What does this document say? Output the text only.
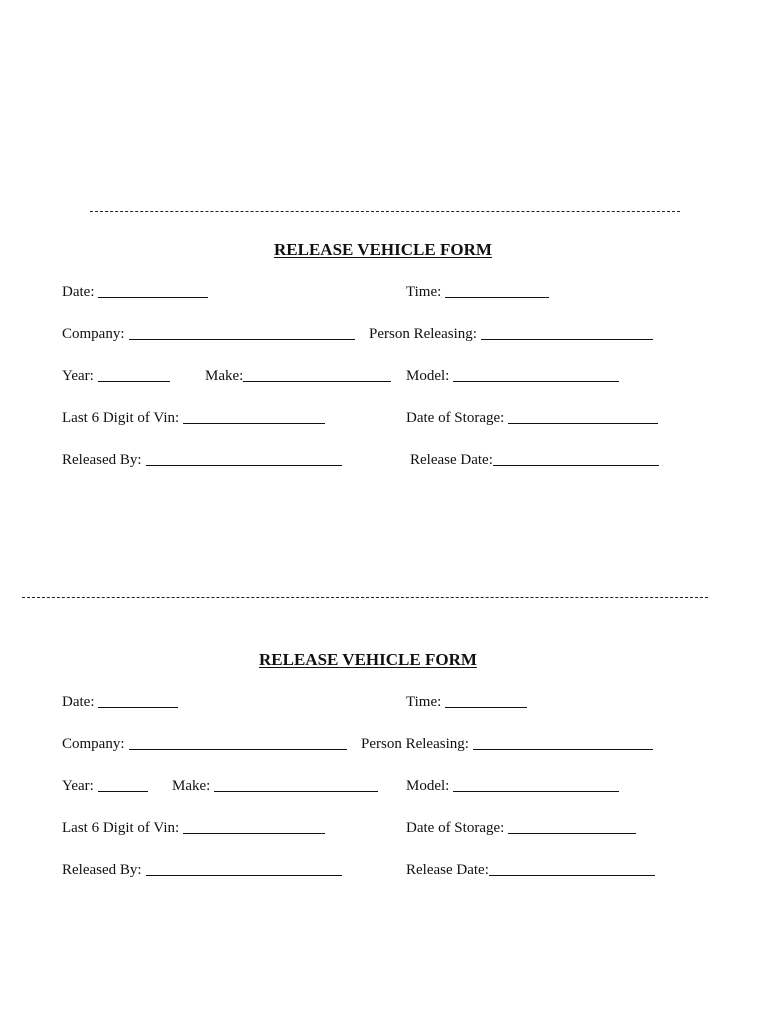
RELEASE VEHICLE FORM
Date:	Time:
Company:	Person Releasing:
Year:	Make:	Model:
Last 6 Digit of Vin:	Date of Storage:
Released By:	Release Date:
RELEASE VEHICLE FORM
Date:	Time:
Company:	Person Releasing:
Year:	Make:	Model:
Last 6 Digit of Vin:	Date of Storage:
Released By:	Release Date:
